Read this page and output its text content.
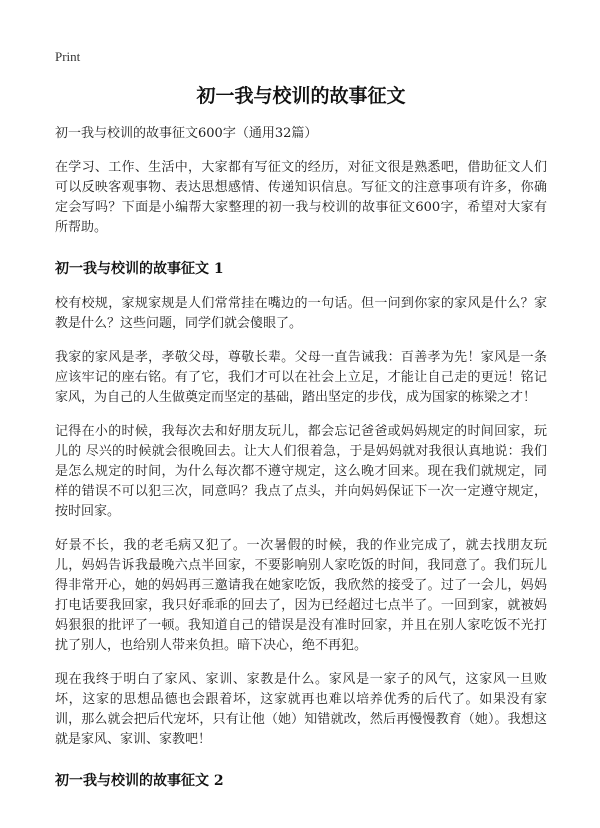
Print
初一我与校训的故事征文
初一我与校训的故事征文600字（通用32篇）

在学习、工作、生活中，大家都有写征文的经历，对征文很是熟悉吧，借助征文人们可以反映客观事物、表达思想感情、传递知识信息。写征文的注意事项有许多，你确定会写吗？下面是小编帮大家整理的初一我与校训的故事征文600字，希望对大家有所帮助。

初一我与校训的故事征文 1

校有校规，家规家规是人们常常挂在嘴边的一句话。但一问到你家的家风是什么？家教是什么？这些问题，同学们就会傻眼了。

我家的家风是孝，孝敬父母，尊敬长辈。父母一直告诫我：百善孝为先！家风是一条应该牢记的座右铭。有了它，我们才可以在社会上立足，才能让自己走的更远！铭记家风，为自己的人生做奠定而坚定的基础，踏出坚定的步伐，成为国家的栋梁之才！

记得在小的时候，我每次去和好朋友玩儿，都会忘记爸爸或妈妈规定的时间回家，玩儿的 尽兴的时候就会很晚回去。让大人们很着急，于是妈妈就对我很认真地说：我们是怎么规定的时间，为什么每次都不遵守规定，这么晚才回来。现在我们就规定，同样的错误不可以犯三次，同意吗？我点了点头，并向妈妈保证下一次一定遵守规定，按时回家。

好景不长，我的老毛病又犯了。一次暑假的时候，我的作业完成了，就去找朋友玩儿，妈妈告诉我最晚六点半回家，不要影响别人家吃饭的时间，我同意了。我们玩儿得非常开心，她的妈妈再三邀请我在她家吃饭，我欣然的接受了。过了一会儿，妈妈打电话要我回家，我只好乖乖的回去了，因为已经超过七点半了。一回到家，就被妈妈狠狠的批评了一顿。我知道自己的错误是没有准时回家，并且在别人家吃饭不光打扰了别人，也给别人带来负担。暗下决心，绝不再犯。

现在我终于明白了家风、家训、家教是什么。家风是一家子的风气，这家风一旦败坏，这家的思想品德也会跟着坏，这家就再也难以培养优秀的后代了。如果没有家训，那么就会把后代宠坏，只有让他（她）知错就改，然后再慢慢教育（她）。我想这就是家风、家训、家教吧！

初一我与校训的故事征文 2
